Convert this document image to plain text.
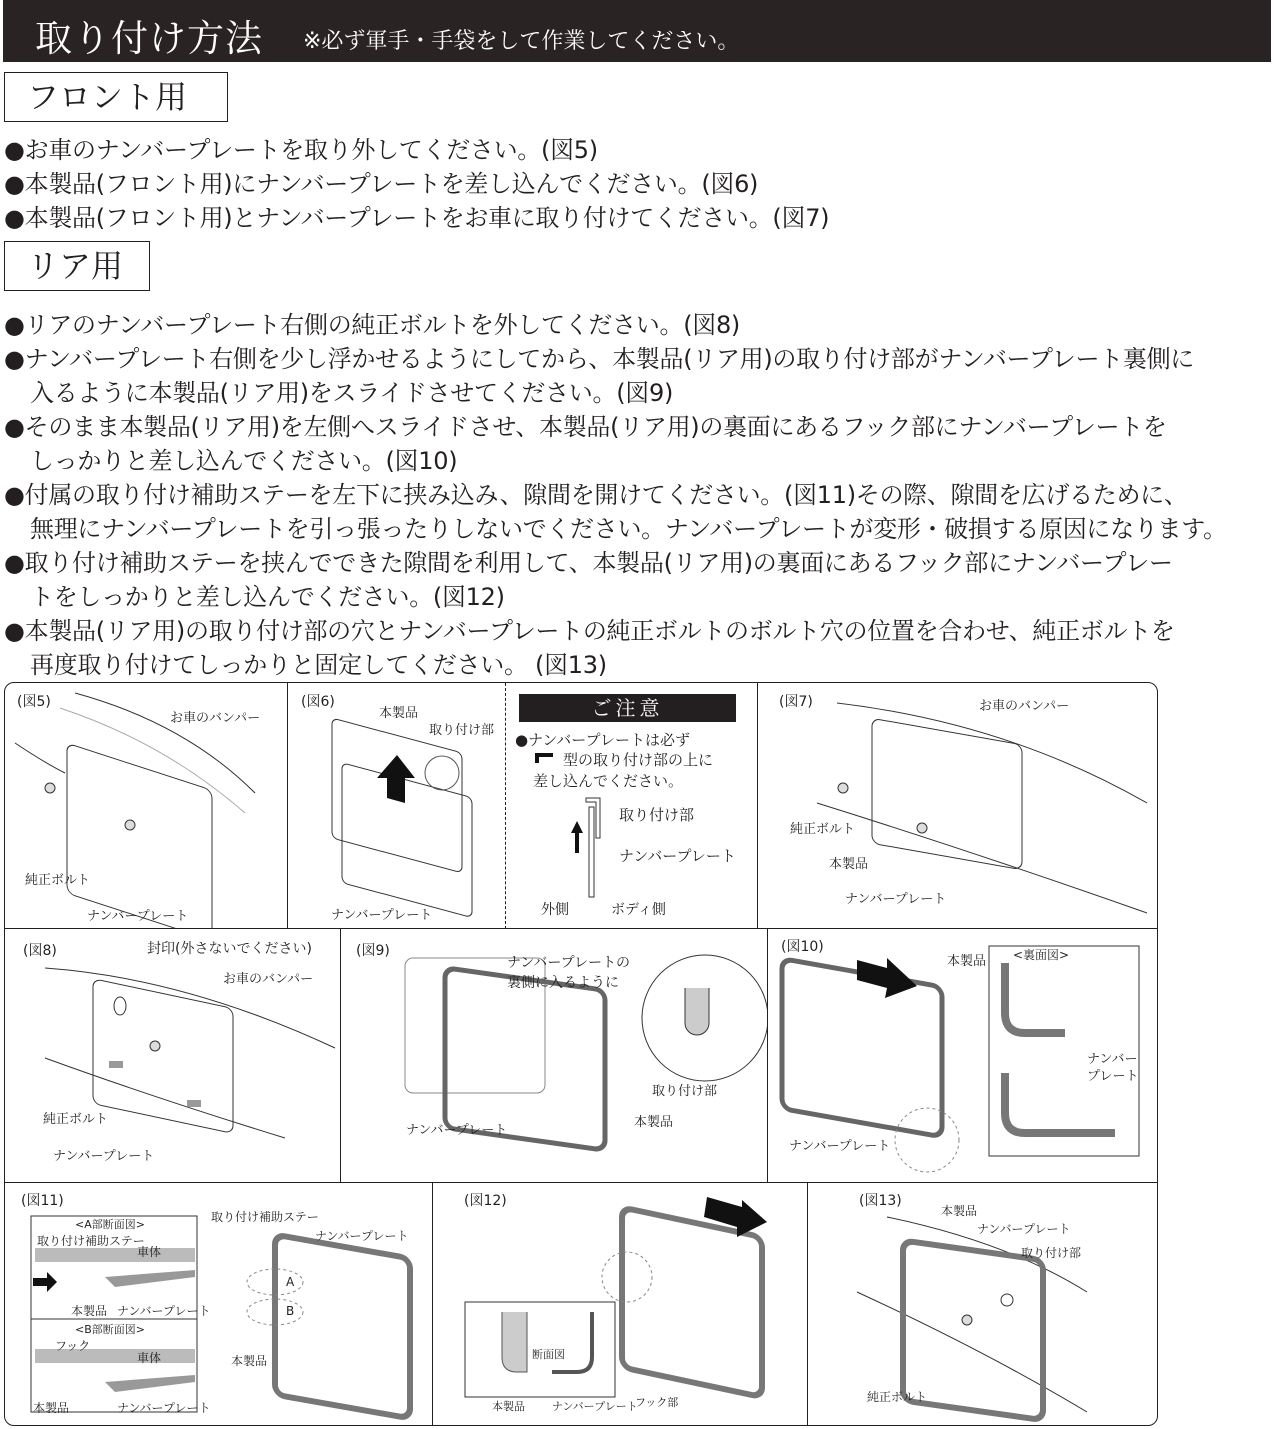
取り付け方法 ※必ず軍手・手袋をして作業してください。
フロント用
●お車のナンバープレートを取り外してください。(図5)
●本製品(フロント用)にナンバープレートを差し込んでください。(図6)
●本製品(フロント用)とナンバープレートをお車に取り付けてください。(図7)
リア用
●リアのナンバープレート右側の純正ボルトを外してください。(図8)
●ナンバープレート右側を少し浮かせるようにしてから、本製品(リア用)の取り付け部がナンバープレート裏側に
入るように本製品(リア用)をスライドさせてください。(図9)
●そのまま本製品(リア用)を左側へスライドさせ、本製品(リア用)の裏面にあるフック部にナンバープレートを
しっかりと差し込んでください。(図10)
●付属の取り付け補助ステーを左下に挟み込み、隙間を開けてください。(図11)その際、隙間を広げるために、
無理にナンバープレートを引っ張ったりしないでください。ナンバープレートが変形・破損する原因になります。
●取り付け補助ステーを挟んでできた隙間を利用して、本製品(リア用)の裏面にあるフック部にナンバープレー
トをしっかりと差し込んでください。(図12)
●本製品(リア用)の取り付け部の穴とナンバープレートの純正ボルトのボルト穴の位置を合わせ、純正ボルトを
再度取り付けてしっかりと固定してください。 (図13)
(図5)
お車のバンパー
純正ボルト
ナンバープレート
(図6)
本製品
取り付け部
ナンバープレート
ご注意
●ナンバープレートは必ず
型の取り付け部の上に
差し込んでください。
取り付け部
ナンバープレート
外側	ボディ側
(図7)	お車のバンパー
純正ボルト
本製品
ナンバープレート
(図8)	封印(外さないでください)
お車のバンパー
純正ボルト
ナンバープレート
(図9)
ナンバープレートの
裏側に入るように
取り付け部
本製品
ナンバープレート
(図10)
本製品 <裏面図>
ナンバー
プレート
ナンバープレート
(図11)
<A部断面図>
取り付け補助ステー
車体
本製品 ナンバープレート
<B部断面図>
フック
車体
本製品	ナンバープレート
取り付け補助ステー
ナンバープレート
本製品
A
B
(図12)
断面図
本製品 ナンバープレート
フック部
(図13)
本製品
ナンバープレート
取り付け部
純正ボルト
